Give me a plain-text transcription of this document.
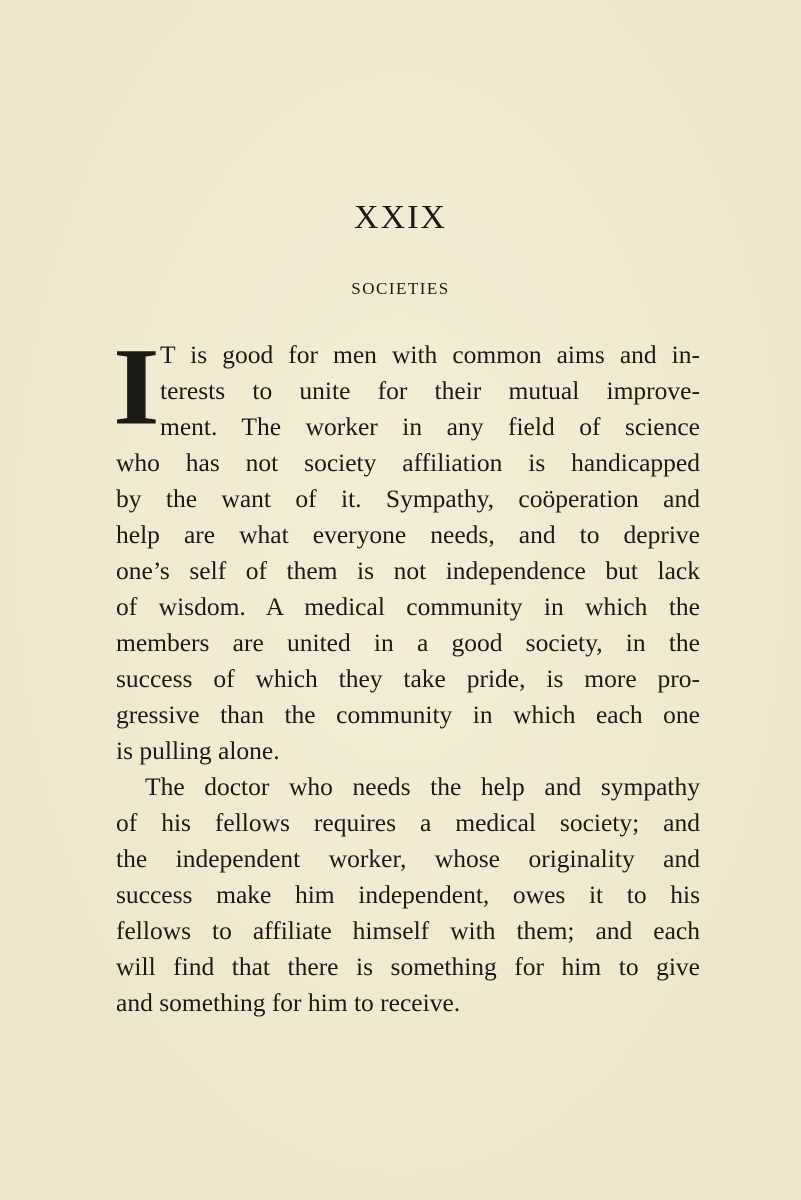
XXIX
SOCIETIES
I T is good for men with common aims and in-
terests to unite for their mutual improve-
ment. The worker in any field of science
who has not society affiliation is handicapped
by the want of it. Sympathy, coöperation and
help are what everyone needs, and to deprive
one’s self of them is not independence but lack
of wisdom. A medical community in which the
members are united in a good society, in the
success of which they take pride, is more pro-
gressive than the community in which each one
is pulling alone.
The doctor who needs the help and sympathy
of his fellows requires a medical society; and
the independent worker, whose originality and
success make him independent, owes it to his
fellows to affiliate himself with them; and each
will find that there is something for him to give
and something for him to receive.
